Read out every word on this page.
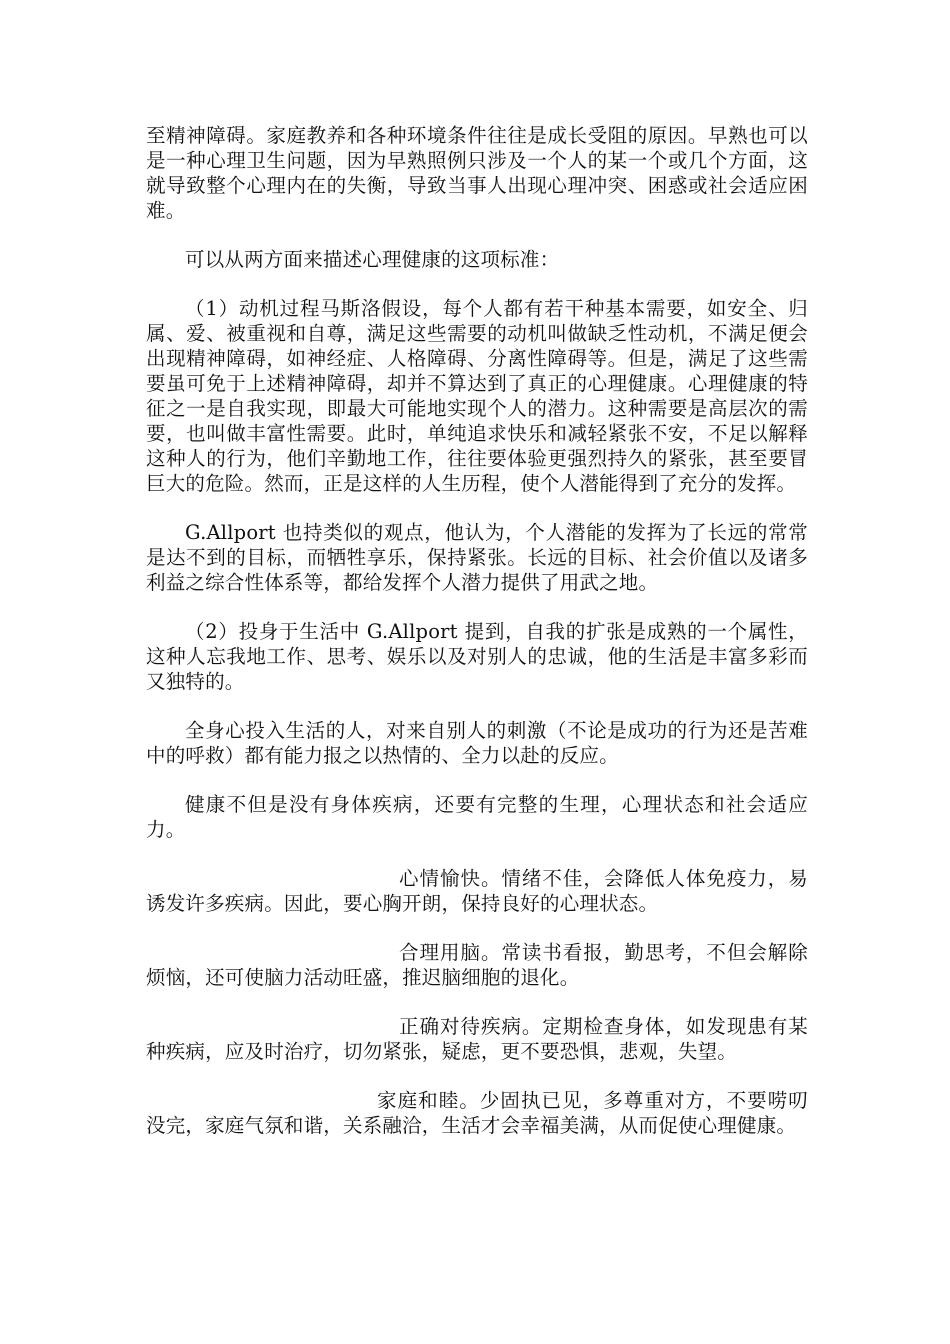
至精神障碍。家庭教养和各种环境条件往往是成长受阻的原因。早熟也可以是一种心理卫生问题，因为早熟照例只涉及一个人的某一个或几个方面，这就导致整个心理内在的失衡，导致当事人出现心理冲突、困惑或社会适应困难。

可以从两方面来描述心理健康的这项标准：

（1）动机过程马斯洛假设，每个人都有若干种基本需要，如安全、归属、爱、被重视和自尊，满足这些需要的动机叫做缺乏性动机，不满足便会出现精神障碍，如神经症、人格障碍、分离性障碍等。但是，满足了这些需要虽可免于上述精神障碍，却并不算达到了真正的心理健康。心理健康的特征之一是自我实现，即最大可能地实现个人的潜力。这种需要是高层次的需要，也叫做丰富性需要。此时，单纯追求快乐和减轻紧张不安，不足以解释这种人的行为，他们辛勤地工作，往往要体验更强烈持久的紧张，甚至要冒巨大的危险。然而，正是这样的人生历程，使个人潜能得到了充分的发挥。

G.Allport 也持类似的观点，他认为，个人潜能的发挥为了长远的常常是达不到的目标，而牺牲享乐，保持紧张。长远的目标、社会价值以及诸多利益之综合性体系等，都给发挥个人潜力提供了用武之地。

（2）投身于生活中 G.Allport 提到，自我的扩张是成熟的一个属性，这种人忘我地工作、思考、娱乐以及对别人的忠诚，他的生活是丰富多彩而又独特的。

全身心投入生活的人，对来自别人的刺激（不论是成功的行为还是苦难中的呼救）都有能力报之以热情的、全力以赴的反应。

健康不但是没有身体疾病，还要有完整的生理，心理状态和社会适应力。

心情愉快。情绪不佳，会降低人体免疫力，易诱发许多疾病。因此，要心胸开朗，保持良好的心理状态。

合理用脑。常读书看报，勤思考，不但会解除烦恼，还可使脑力活动旺盛，推迟脑细胞的退化。

正确对待疾病。定期检查身体，如发现患有某种疾病，应及时治疗，切勿紧张，疑虑，更不要恐惧，悲观，失望。

家庭和睦。少固执已见，多尊重对方，不要唠叨没完，家庭气氛和谐，关系融洽，生活才会幸福美满，从而促使心理健康。
